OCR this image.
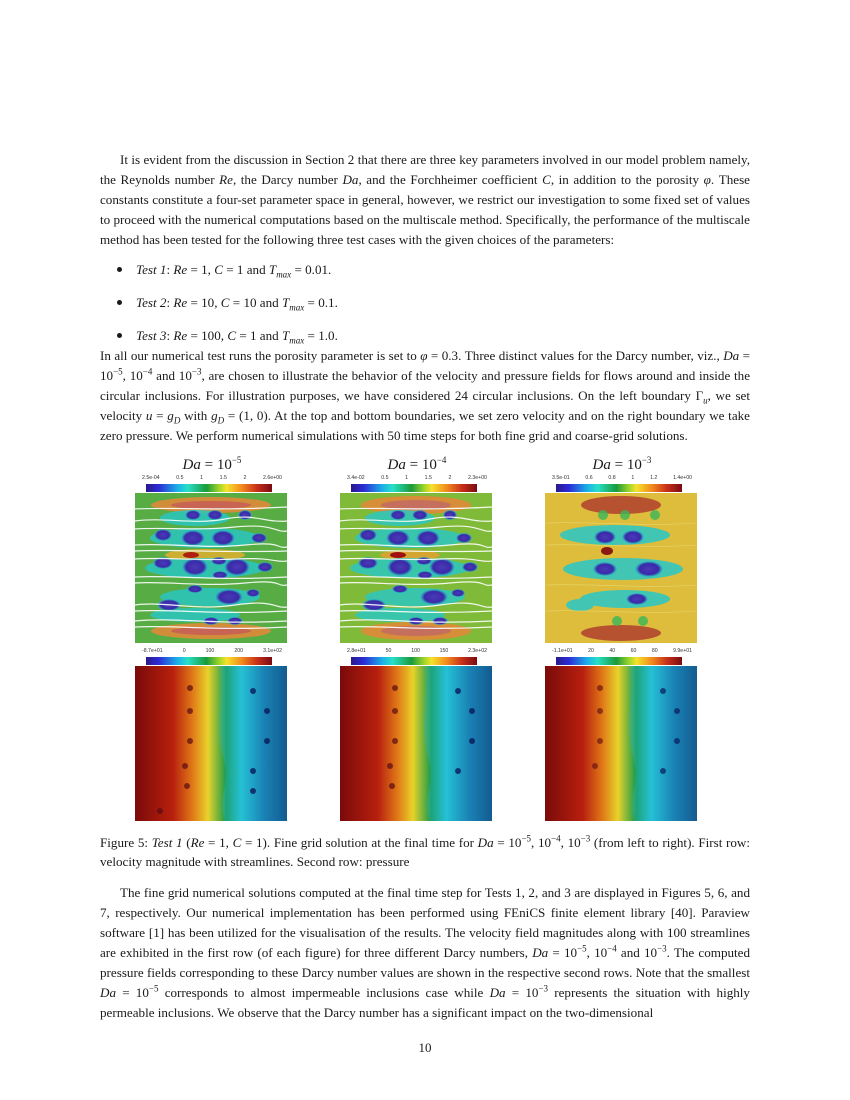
It is evident from the discussion in Section 2 that there are three key parameters involved in our model problem namely, the Reynolds number Re, the Darcy number Da, and the Forchheimer coefficient C, in addition to the porosity φ. These constants constitute a four-set parameter space in general, however, we restrict our investigation to some fixed set of values to proceed with the numerical computations based on the multiscale method. Specifically, the performance of the multiscale method has been tested for the following three test cases with the given choices of the parameters:
Test 1: Re = 1, C = 1 and $T_{max} = 0.01$.
Test 2: Re = 10, C = 10 and $T_{max} = 0.1$.
Test 3: Re = 100, C = 1 and $T_{max} = 1.0$.
In all our numerical test runs the porosity parameter is set to φ = 0.3. Three distinct values for the Darcy number, viz., $Da = 10^{-5}$, $10^{-4}$ and $10^{-3}$, are chosen to illustrate the behavior of the velocity and pressure fields for flows around and inside the circular inclusions. For illustration purposes, we have considered 24 circular inclusions. On the left boundary $\Gamma_u$, we set velocity $u = g_D$ with $g_D = (1$, 0). At the top and bottom boundaries, we set zero velocity and on the right boundary we take zero pressure. We perform numerical simulations with 50 time steps for both fine grid and coarse-grid solutions.
$Da = 10^{-5}$
2.5e-04	0.5	1	1.5	2	2.6e+00
-8.7e+01	0	100	200	3.1e+02
$Da = 10^{-4}$
3.4e-02	0.5	1	1.5	2	2.3e+00
2.8e+01	50	100	150	2.3e+02
$Da = 10^{-3}$
3.5e-01	0.6	0.8	1	1.2	1.4e+00
-1.1e+01	20	40	60	80	9.9e+01
Figure 5: Test 1 (Re = 1, C = 1). Fine grid solution at the final time for $Da = 10^{-5}$, $10^{-4}$, $10^{-3}$ (from left to right). First row: velocity magnitude with streamlines. Second row: pressure
The fine grid numerical solutions computed at the final time step for Tests 1, 2, and 3 are displayed in Figures 5, 6, and 7, respectively. Our numerical implementation has been performed using FEniCS finite element library [40]. Paraview software [1] has been utilized for the visualisation of the results. The velocity field magnitudes along with 100 streamlines are exhibited in the first row (of each figure) for three different Darcy numbers, $Da = 10^{-5}$, $10^{-4}$ and $10^{-3}$. The computed pressure fields corresponding to these Darcy number values are shown in the respective second rows. Note that the smallest $Da = 10^{-5}$ corresponds to almost impermeable inclusions case while $Da = 10^{-3}$ represents the situation with highly permeable inclusions. We observe that the Darcy number has a significant impact on the two-dimensional
10
